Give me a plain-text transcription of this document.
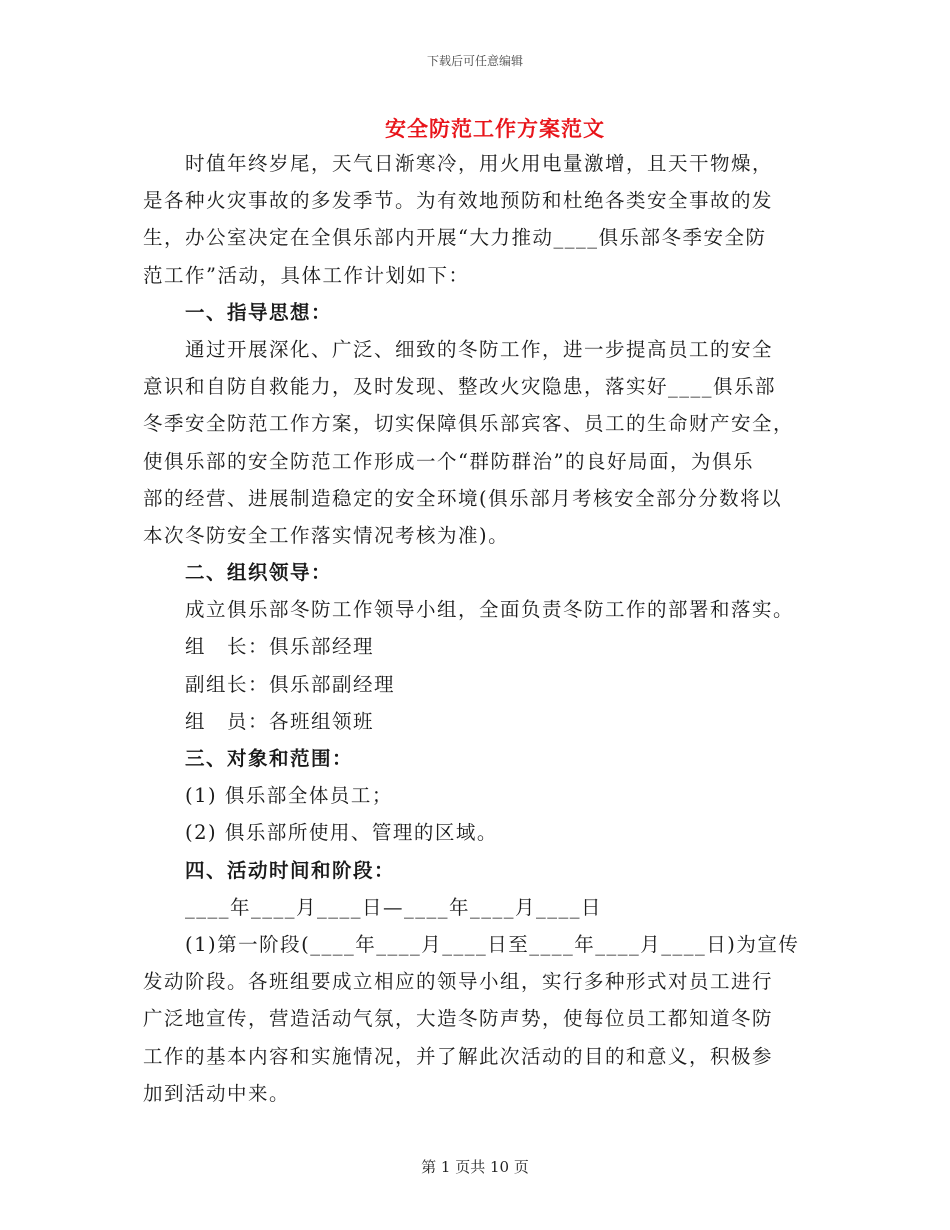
下载后可任意编辑
安全防范工作方案范文
时值年终岁尾，天气日渐寒冷，用火用电量激增，且天干物燥，
是各种火灾事故的多发季节。为有效地预防和杜绝各类安全事故的发
生，办公室决定在全俱乐部内开展“大力推动____俱乐部冬季安全防
范工作”活动，具体工作计划如下：
一、指导思想：
通过开展深化、广泛、细致的冬防工作，进一步提高员工的安全
意识和自防自救能力，及时发现、整改火灾隐患，落实好____俱乐部
冬季安全防范工作方案，切实保障俱乐部宾客、员工的生命财产安全，
使俱乐部的安全防范工作形成一个“群防群治”的良好局面，为俱乐
部的经营、进展制造稳定的安全环境(俱乐部月考核安全部分分数将以
本次冬防安全工作落实情况考核为准)。
二、组织领导：
成立俱乐部冬防工作领导小组，全面负责冬防工作的部署和落实。
组　长：俱乐部经理
副组长：俱乐部副经理
组　员：各班组领班
三、对象和范围：
(1) 俱乐部全体员工；
(2) 俱乐部所使用、管理的区域。
四、活动时间和阶段：
____年____月____日—____年____月____日
(1)第一阶段(____年____月____日至____年____月____日)为宣传
发动阶段。各班组要成立相应的领导小组，实行多种形式对员工进行
广泛地宣传，营造活动气氛，大造冬防声势，使每位员工都知道冬防
工作的基本内容和实施情况，并了解此次活动的目的和意义，积极参
加到活动中来。
第 1 页共 10 页
